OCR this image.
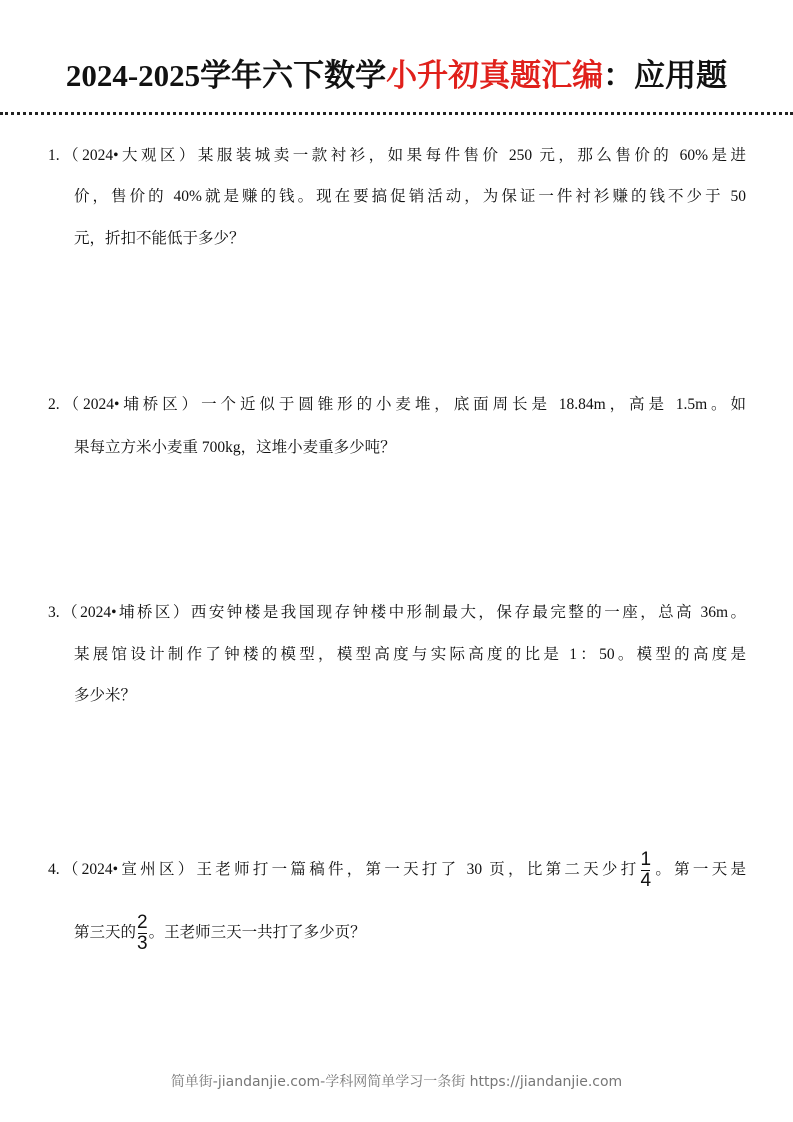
2024-2025学年六下数学小升初真题汇编：应用题
1.（2024•大观区）某服装城卖一款衬衫，如果每件售价 250 元，那么售价的 60%是进
价，售价的 40%就是赚的钱。现在要搞促销活动，为保证一件衬衫赚的钱不少于 50
元，折扣不能低于多少？
2.（2024•埔桥区）一个近似于圆锥形的小麦堆，底面周长是 18.84m，高是 1.5m。如
果每立方米小麦重 700kg，这堆小麦重多少吨？
3.（2024•埔桥区）西安钟楼是我国现存钟楼中形制最大，保存最完整的一座，总高 36m。
某展馆设计制作了钟楼的模型，模型高度与实际高度的比是 1：50。模型的高度是
多少米？
4.（2024•宣州区）王老师打一篇稿件，第一天打了 30 页，比第二天少打 $\frac{1}{4}$ 。第一天是
第三天的 $\frac{2}{3}$ 。王老师三天一共打了多少页？
简单街-jiandanjie.com-学科网简单学习一条街 https://jiandanjie.com
